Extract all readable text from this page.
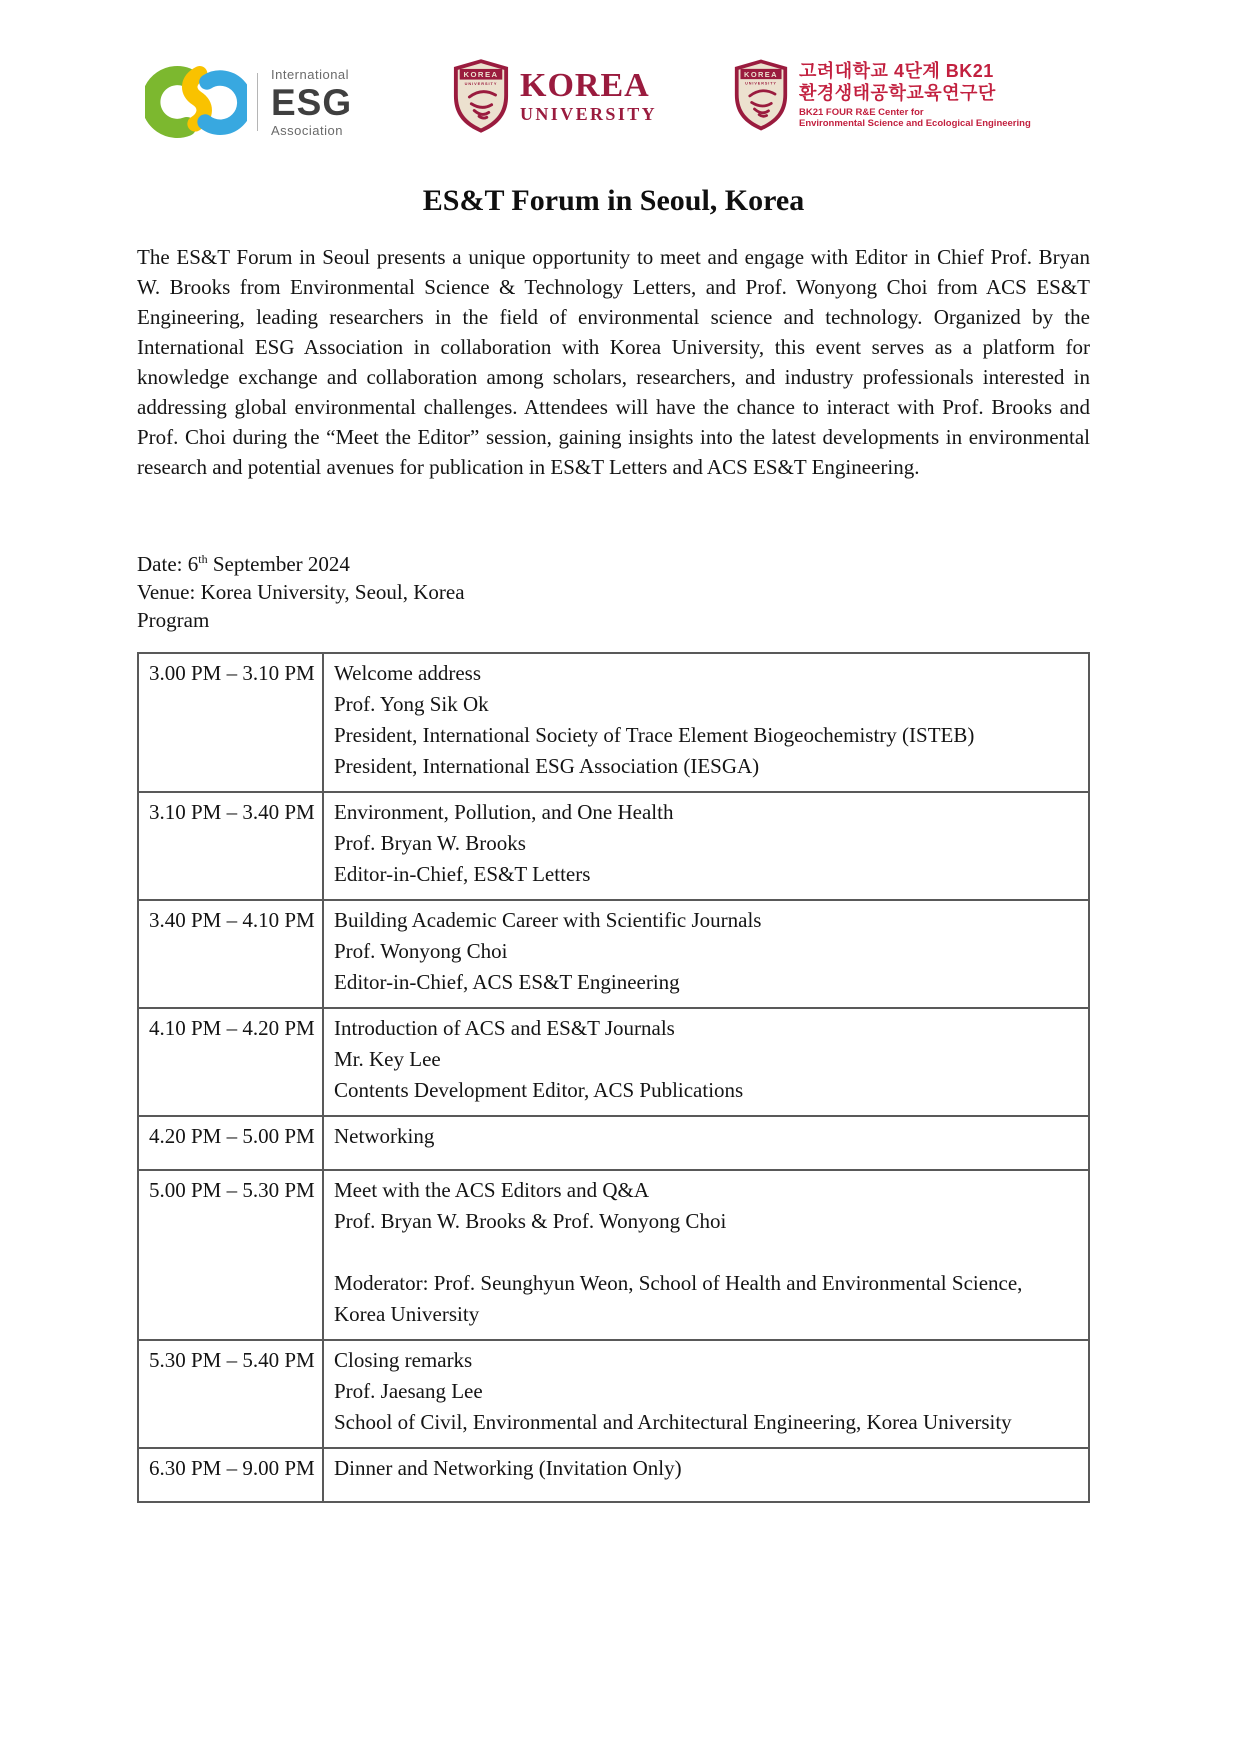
International
ESG
Association
KOREA
UNIVERSITY KOREA
UNIVERSITY
KOREA
UNIVERSITY
고려대학교 4단계 BK21
환경생태공학교육연구단
BK21 FOUR R&E Center for
Environmental Science and Ecological Engineering
ES&T Forum in Seoul, Korea

The ES&T Forum in Seoul presents a unique opportunity to meet and engage with Editor in Chief Prof. Bryan W. Brooks from Environmental Science & Technology Letters, and Prof. Wonyong Choi from ACS ES&T Engineering, leading researchers in the field of environmental science and technology. Organized by the International ESG Association in collaboration with Korea University, this event serves as a platform for knowledge exchange and collaboration among scholars, researchers, and industry professionals interested in addressing global environmental challenges. Attendees will have the chance to interact with Prof. Brooks and Prof. Choi during the “Meet the Editor” session, gaining insights into the latest developments in environmental research and potential avenues for publication in ES&T Letters and ACS ES&T Engineering.

Date: 6th September 2024
Venue: Korea University, Seoul, Korea
Program
3.00 PM – 3.10 PM	Welcome address
Prof. Yong Sik Ok
President, International Society of Trace Element Biogeochemistry (ISTEB)
President, International ESG Association (IESGA)

3.10 PM – 3.40 PM	Environment, Pollution, and One Health
Prof. Bryan W. Brooks
Editor-in-Chief, ES&T Letters

3.40 PM – 4.10 PM	Building Academic Career with Scientific Journals
Prof. Wonyong Choi
Editor-in-Chief, ACS ES&T Engineering

4.10 PM – 4.20 PM	Introduction of ACS and ES&T Journals
Mr. Key Lee
Contents Development Editor, ACS Publications

4.20 PM – 5.00 PM	Networking

5.00 PM – 5.30 PM	Meet with the ACS Editors and Q&A
Prof. Bryan W. Brooks & Prof. Wonyong Choi

Moderator: Prof. Seunghyun Weon, School of Health and Environmental Science, Korea University

5.30 PM – 5.40 PM	Closing remarks
Prof. Jaesang Lee
School of Civil, Environmental and Architectural Engineering, Korea University

6.30 PM – 9.00 PM	Dinner and Networking (Invitation Only)
